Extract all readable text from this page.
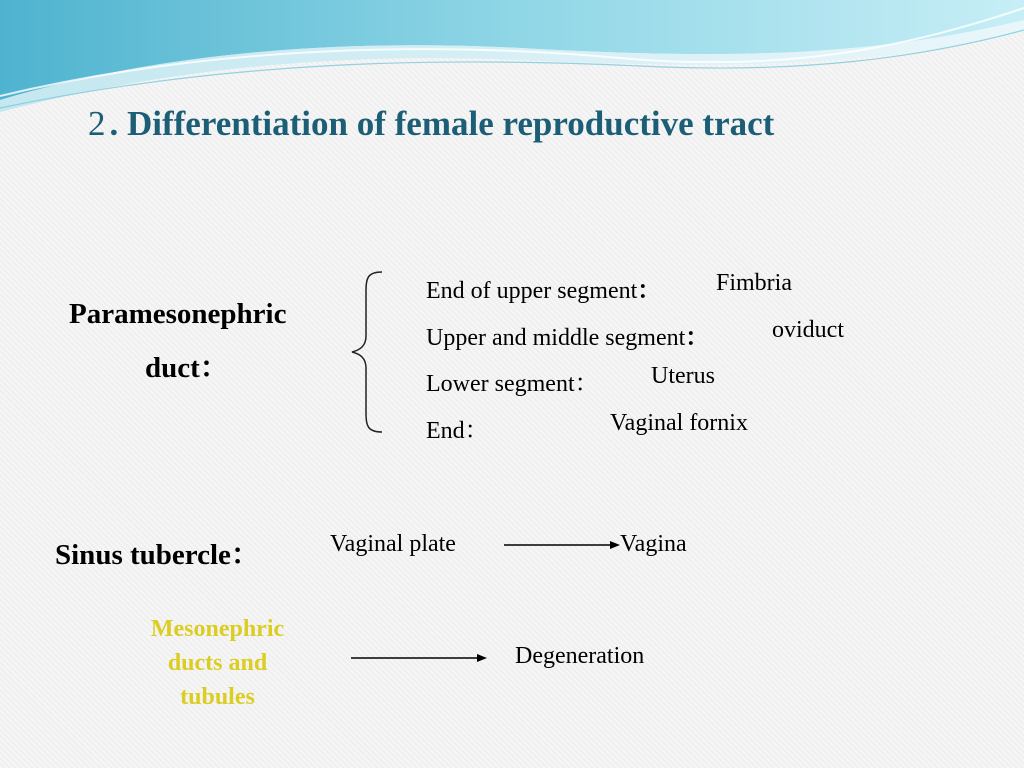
2 . Differentiation of female reproductive tract
Paramesonephric
duct：
End of upper segment： Fimbria
Upper and middle segment：	oviduct
Lower segment： Uterus
End：	Vaginal fornix
Sinus tubercle：	Vaginal plate	Vagina
Mesonephric
ducts and
tubules
Degeneration
